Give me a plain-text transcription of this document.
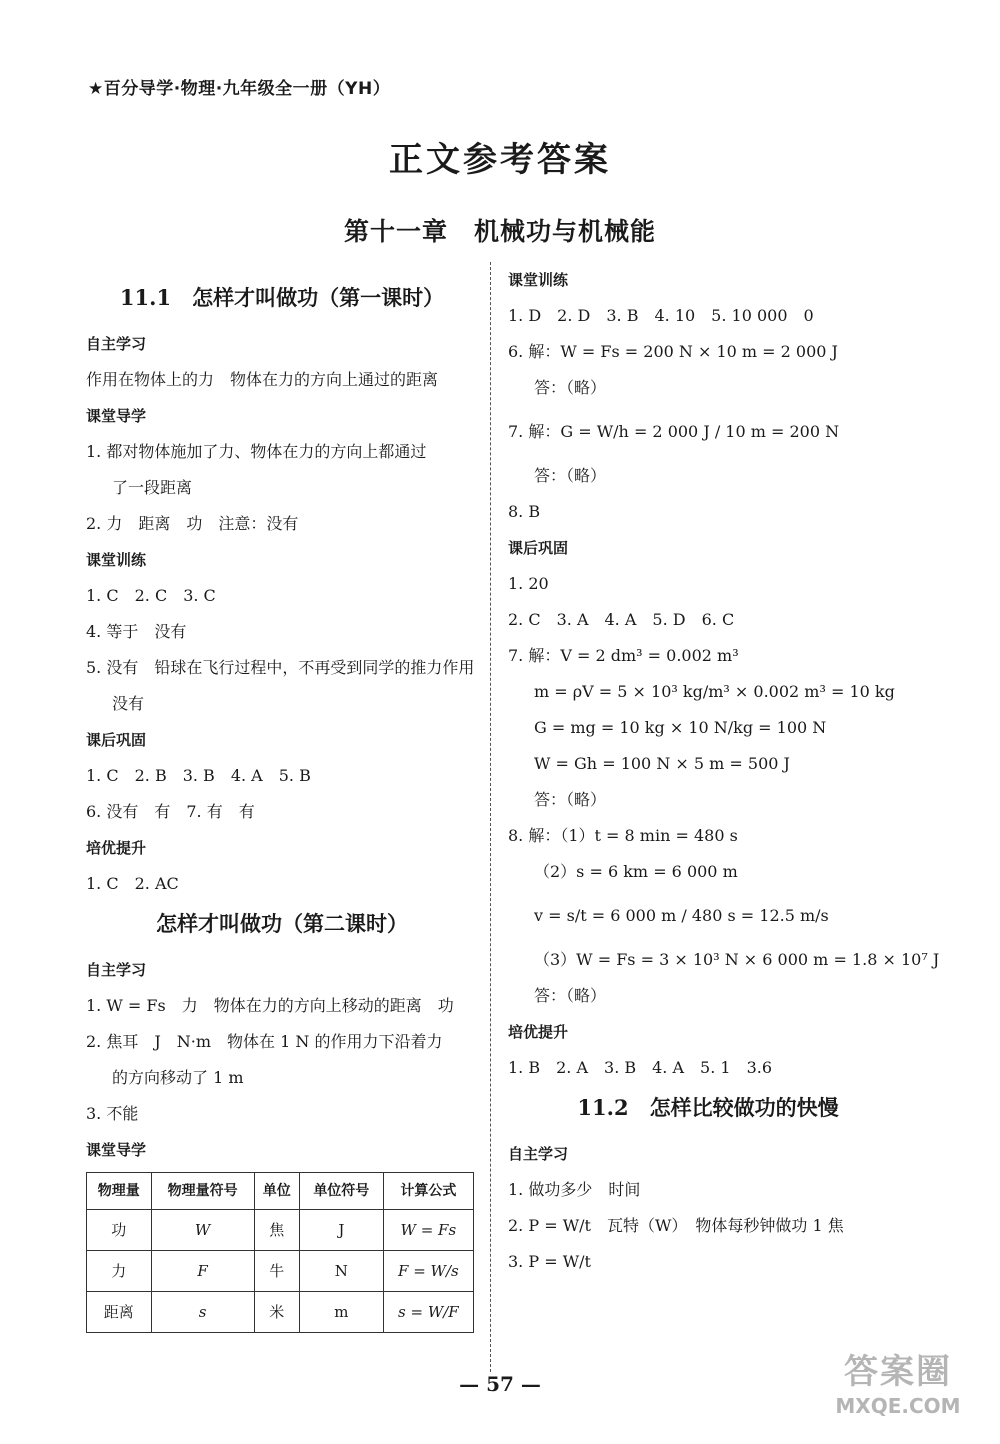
★百分导学·物理·九年级全一册（YH）
正文参考答案
第十一章　机械功与机械能
11.1　怎样才叫做功（第一课时）
自主学习
作用在物体上的力　物体在力的方向上通过的距离
课堂导学
1. 都对物体施加了力、物体在力的方向上都通过
了一段距离
2. 力　距离　功　注意：没有
课堂训练
1. C　2. C　3. C
4. 等于　没有
5. 没有　铅球在飞行过程中，不再受到同学的推力作用
没有
课后巩固
1. C　2. B　3. B　4. A　5. B
6. 没有　有　7. 有　有
培优提升
1. C　2. AC
怎样才叫做功（第二课时）
自主学习
1. W = Fs　力　物体在力的方向上移动的距离　功
2. 焦耳　J　N·m　物体在 1 N 的作用力下沿着力
的方向移动了 1 m
3. 不能
课堂导学
物理量	物理量符号	单位	单位符号	计算公式
功	W	焦	J	W = Fs
力	F	牛	N	F = W/s
距离	s	米	m	s = W/F
课堂训练
1. D　2. D　3. B　4. 10　5. 10 000　0
6. 解：W = Fs = 200 N × 10 m = 2 000 J
答：（略）
7. 解：G = W/h = 2 000 J / 10 m = 200 N
答：（略）
8. B
课后巩固
1. 20
2. C　3. A　4. A　5. D　6. C
7. 解：V = 2 dm³ = 0.002 m³
m = ρV = 5 × 10³ kg/m³ × 0.002 m³ = 10 kg
G = mg = 10 kg × 10 N/kg = 100 N
W = Gh = 100 N × 5 m = 500 J
答：（略）
8. 解：（1）t = 8 min = 480 s
（2）s = 6 km = 6 000 m
v = s/t = 6 000 m / 480 s = 12.5 m/s
（3）W = Fs = 3 × 10³ N × 6 000 m = 1.8 × 10⁷ J
答：（略）
培优提升
1. B　2. A　3. B　4. A　5. 1　3.6
11.2　怎样比较做功的快慢
自主学习
1. 做功多少　时间
2. P = W/t　瓦特（W）　物体每秒钟做功 1 焦
3. P = W/t
— 57 —	答案圈
MXQE.COM
